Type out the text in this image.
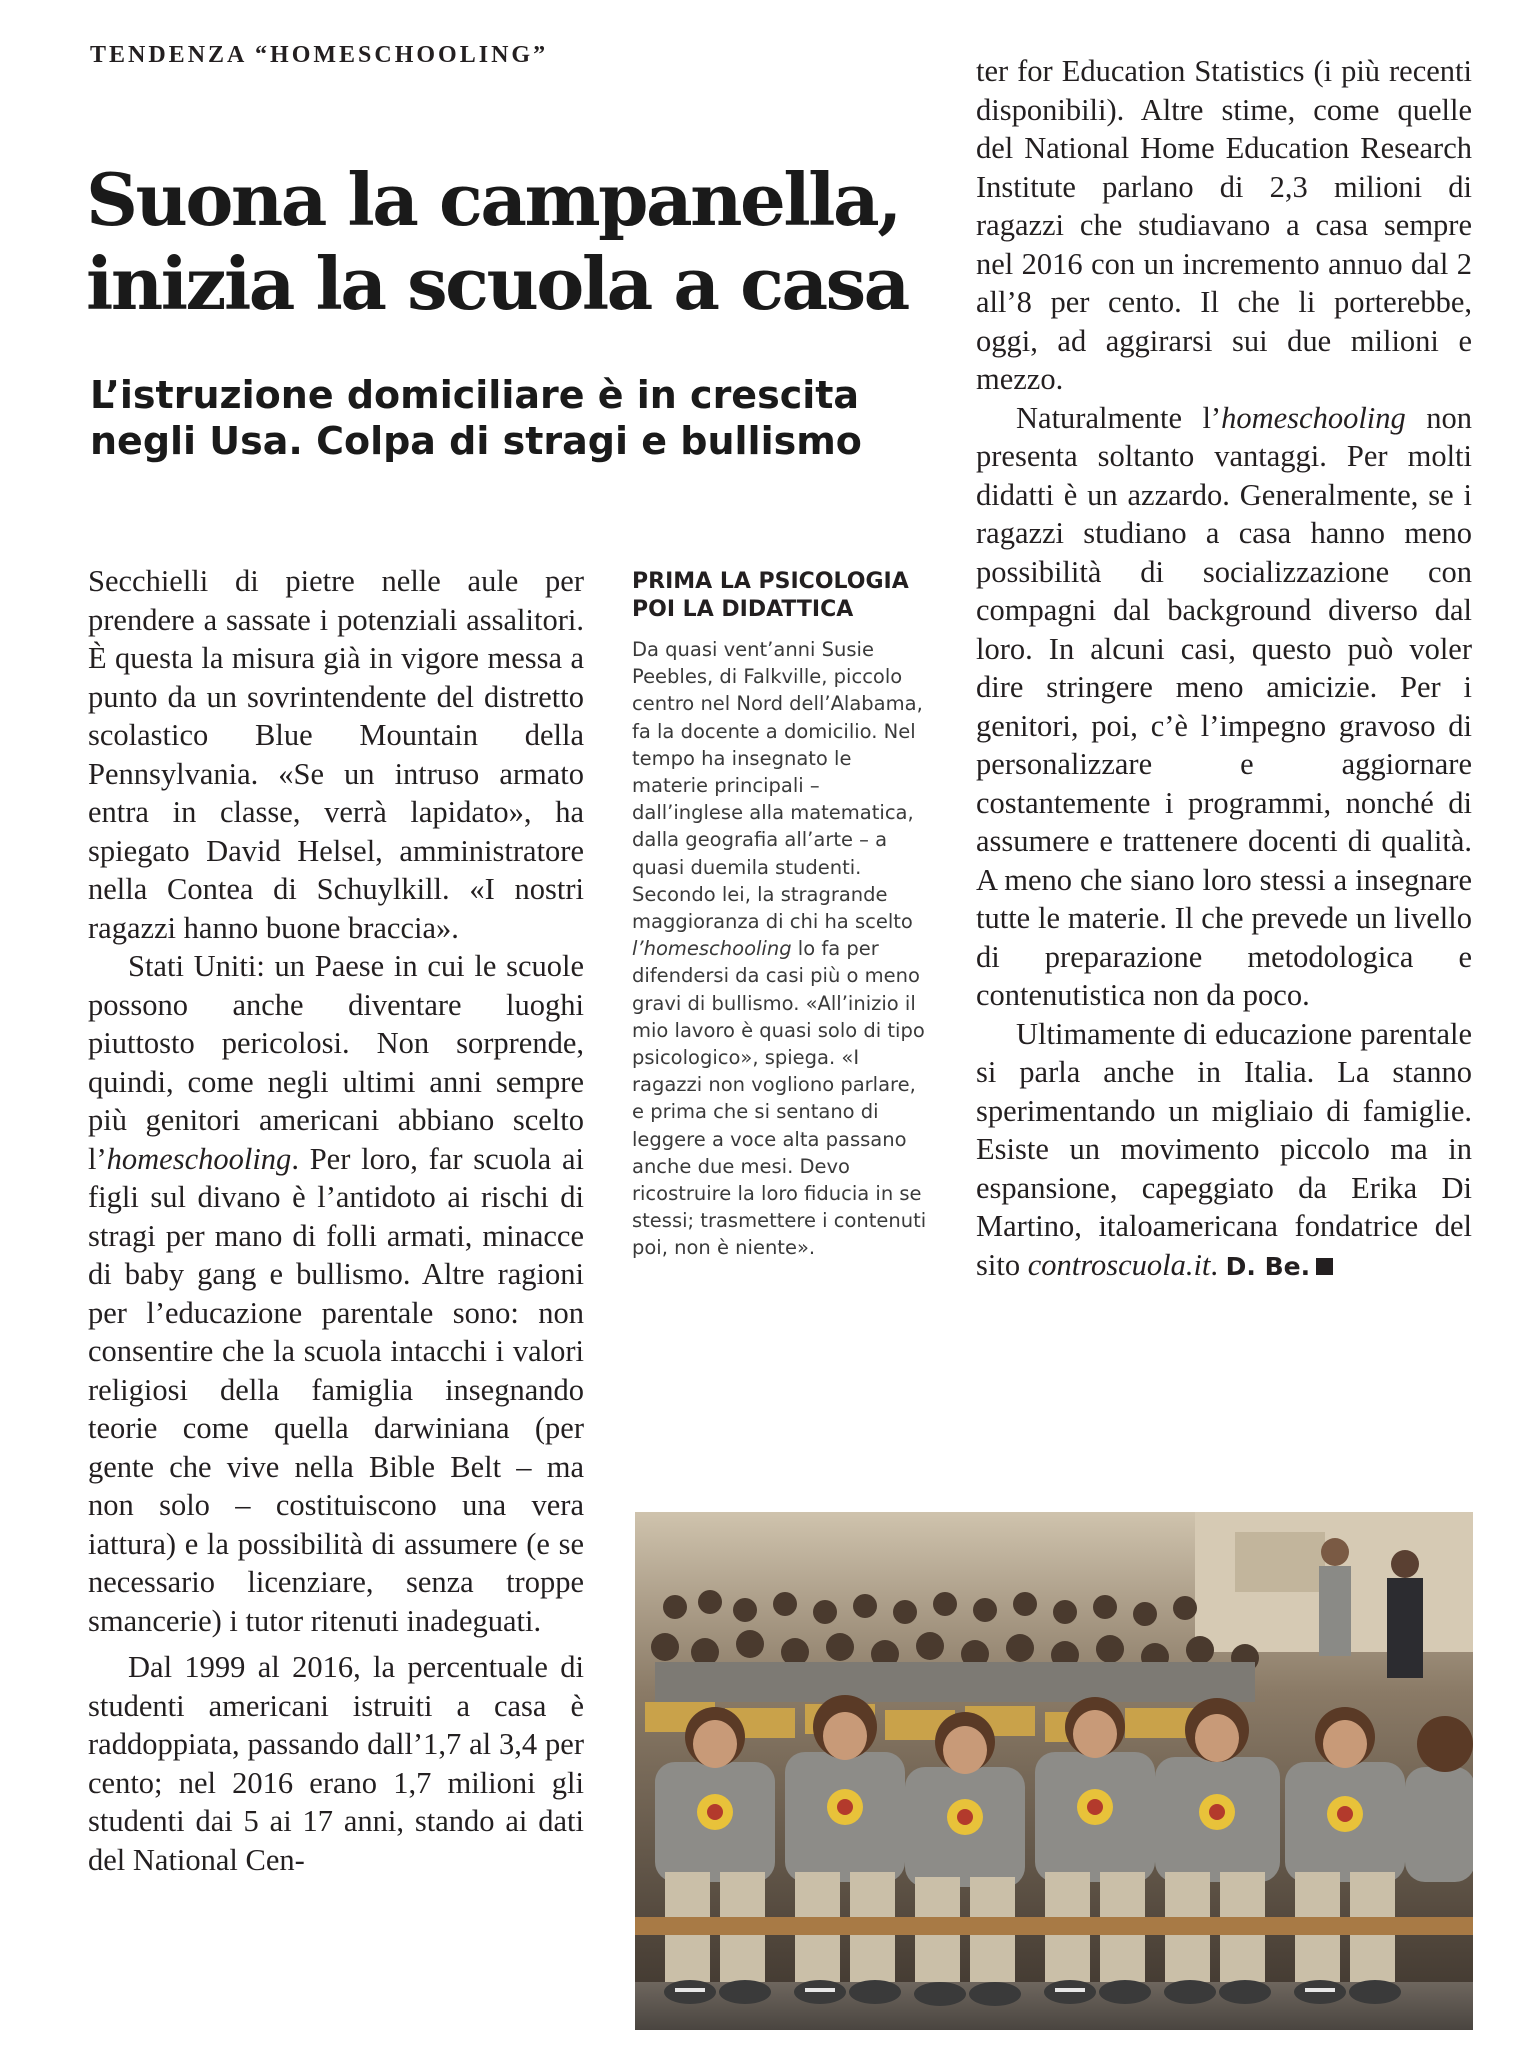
TENDENZA “HOMESCHOOLING”
Suona la campanella,
inizia la scuola a casa
L’istruzione domiciliare è in crescita
negli Usa. Colpa di stragi e bullismo

Secchielli di pietre nelle aule per prendere a sassate i potenziali assalitori. È questa la misura già in vigore messa a punto da un sovrintendente del distretto scolastico Blue Mountain della Pennsylvania. «Se un intruso armato entra in classe, verrà lapidato», ha spiegato David Helsel, amministratore nella Contea di Schuylkill. «I nostri ragazzi hanno buone braccia».

Stati Uniti: un Paese in cui le scuole possono anche diventare luoghi piuttosto pericolosi. Non sorprende, quindi, come negli ultimi anni sempre più genitori americani abbiano scelto l’homeschooling. Per loro, far scuola ai figli sul divano è l’antidoto ai rischi di stragi per mano di folli armati, minacce di baby gang e bullismo. Altre ragioni per l’educazione parentale sono: non consentire che la scuola intacchi i valori religiosi della famiglia insegnando teorie come quella darwiniana (per gente che vive nella Bible Belt – ma non solo – costituiscono una vera iattura) e la possibilità di assumere (e se necessario licenziare, senza troppe smancerie) i tutor ritenuti inadeguati.

Dal 1999 al 2016, la percentuale di studenti americani istruiti a casa è raddoppiata, passando dall’1,7 al 3,4 per cento; nel 2016 erano 1,7 milioni gli studenti dai 5 ai 17 anni, stando ai dati del National Cen-

ter for Education Statistics (i più recenti disponibili). Altre stime, come quelle del National Home Education Research Institute parlano di 2,3 milioni di ragazzi che studiavano a casa sempre nel 2016 con un incremento annuo dal 2 all’8 per cento. Il che li porterebbe, oggi, ad aggirarsi sui due milioni e mezzo.

Naturalmente l’homeschooling non presenta soltanto vantaggi. Per molti didatti è un azzardo. Generalmente, se i ragazzi studiano a casa hanno meno possibilità di socializzazione con compagni dal background diverso dal loro. In alcuni casi, questo può voler dire stringere meno amicizie. Per i genitori, poi, c’è l’impegno gravoso di personalizzare e aggiornare costantemente i programmi, nonché di assumere e trattenere docenti di qualità. A meno che siano loro stessi a insegnare tutte le materie. Il che prevede un livello di preparazione metodologica e contenutistica non da poco.

Ultimamente di educazione parentale si parla anche in Italia. La stanno sperimentando un migliaio di famiglie. Esiste un movimento piccolo ma in espansione, capeggiato da Erika Di Martino, italoamericana fondatrice del sito controscuola.it. D. Be.

PRIMA LA PSICOLOGIA
POI LA DIDATTICA

Da quasi vent’anni Susie Peebles, di Falkville, piccolo centro nel Nord dell’Alabama, fa la docente a domicilio. Nel tempo ha insegnato le materie principali – dall’inglese alla matematica, dalla geografia all’arte – a quasi duemila studenti. Secondo lei, la stragrande maggioranza di chi ha scelto l’homeschooling lo fa per difendersi da casi più o meno gravi di bullismo. «All’inizio il mio lavoro è quasi solo di tipo psicologico», spiega. «I ragazzi non vogliono parlare, e prima che si sentano di leggere a voce alta passano anche due mesi. Devo ricostruire la loro fiducia in se stessi; trasmettere i contenuti poi, non è niente».
